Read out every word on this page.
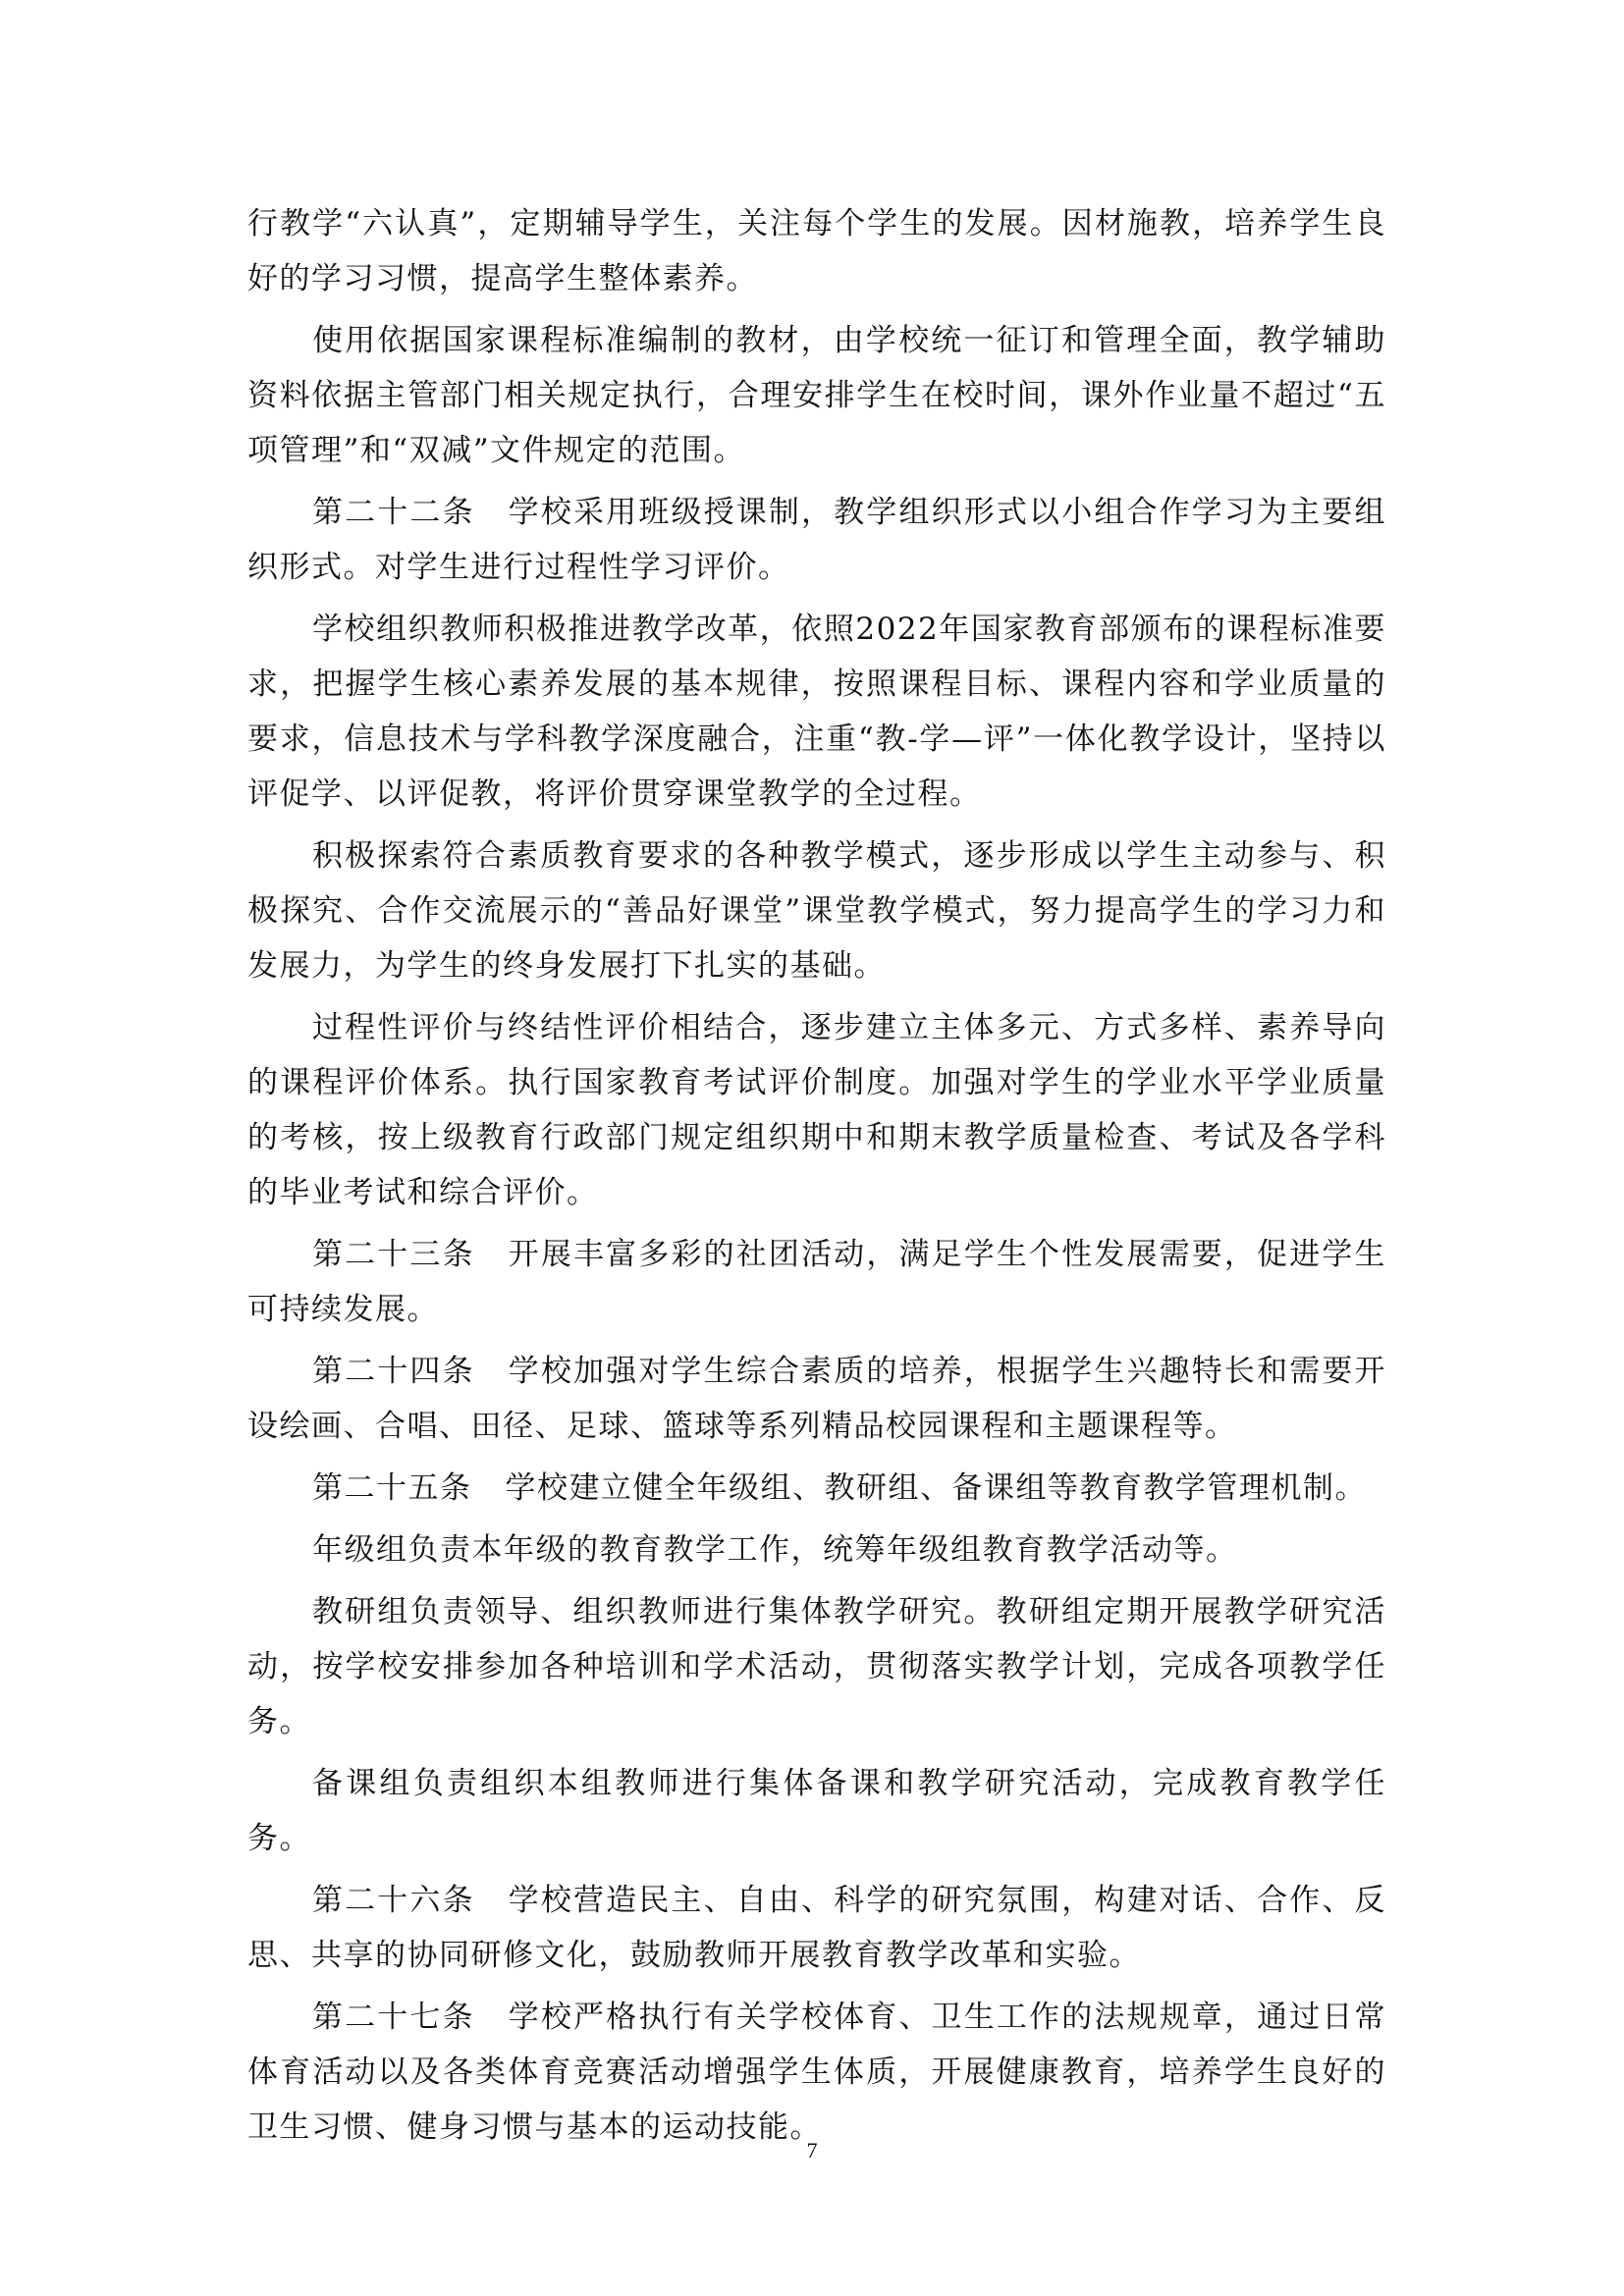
行教学“六认真”，定期辅导学生，关注每个学生的发展。因材施教，培养学生良好的学习习惯，提高学生整体素养。

使用依据国家课程标准编制的教材，由学校统一征订和管理全面，教学辅助资料依据主管部门相关规定执行，合理安排学生在校时间，课外作业量不超过“五项管理”和“双减”文件规定的范围。

第二十二条 学校采用班级授课制，教学组织形式以小组合作学习为主要组织形式。对学生进行过程性学习评价。

学校组织教师积极推进教学改革，依照2022年国家教育部颁布的课程标准要求，把握学生核心素养发展的基本规律，按照课程目标、课程内容和学业质量的要求，信息技术与学科教学深度融合，注重“教-学—评”一体化教学设计，坚持以评促学、以评促教，将评价贯穿课堂教学的全过程。

积极探索符合素质教育要求的各种教学模式，逐步形成以学生主动参与、积极探究、合作交流展示的“善品好课堂”课堂教学模式，努力提高学生的学习力和发展力，为学生的终身发展打下扎实的基础。

过程性评价与终结性评价相结合，逐步建立主体多元、方式多样、素养导向的课程评价体系。执行国家教育考试评价制度。加强对学生的学业水平学业质量的考核，按上级教育行政部门规定组织期中和期末教学质量检查、考试及各学科的毕业考试和综合评价。

第二十三条 开展丰富多彩的社团活动，满足学生个性发展需要，促进学生可持续发展。

第二十四条 学校加强对学生综合素质的培养，根据学生兴趣特长和需要开设绘画、合唱、田径、足球、篮球等系列精品校园课程和主题课程等。

第二十五条 学校建立健全年级组、教研组、备课组等教育教学管理机制。

年级组负责本年级的教育教学工作，统筹年级组教育教学活动等。

教研组负责领导、组织教师进行集体教学研究。教研组定期开展教学研究活动，按学校安排参加各种培训和学术活动，贯彻落实教学计划，完成各项教学任务。

备课组负责组织本组教师进行集体备课和教学研究活动，完成教育教学任务。

第二十六条 学校营造民主、自由、科学的研究氛围，构建对话、合作、反思、共享的协同研修文化，鼓励教师开展教育教学改革和实验。

第二十七条 学校严格执行有关学校体育、卫生工作的法规规章，通过日常体育活动以及各类体育竞赛活动增强学生体质，开展健康教育，培养学生良好的卫生习惯、健身习惯与基本的运动技能。

7
